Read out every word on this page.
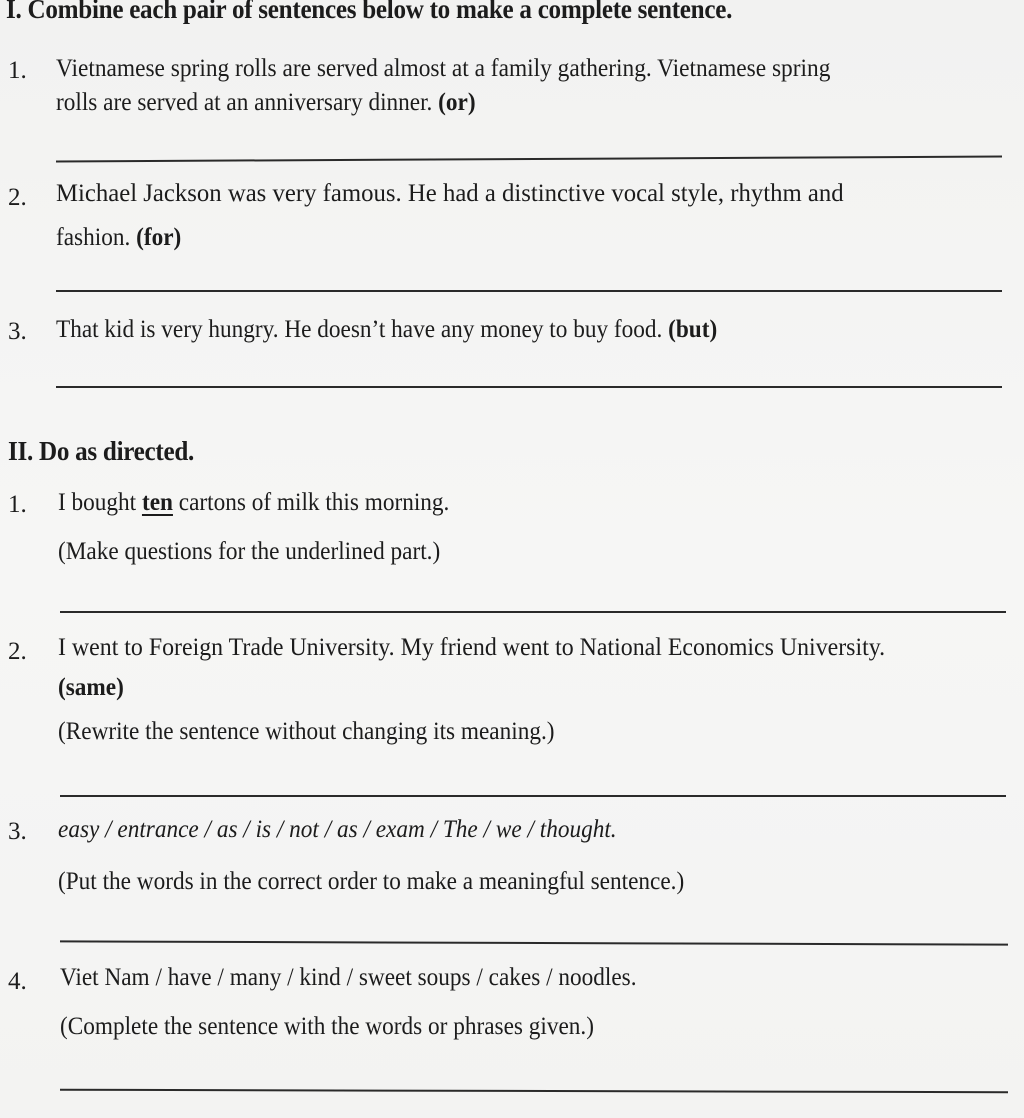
I. Combine each pair of sentences below to make a complete sentence.
1. Vietnamese spring rolls are served almost at a family gathering. Vietnamese spring
rolls are served at an anniversary dinner. (or)
2. Michael Jackson was very famous. He had a distinctive vocal style, rhythm and
fashion. (for)
3. That kid is very hungry. He doesn’t have any money to buy food. (but)
II. Do as directed.
1. I bought ten cartons of milk this morning.
(Make questions for the underlined part.)
2. I went to Foreign Trade University. My friend went to National Economics University.
(same)
(Rewrite the sentence without changing its meaning.)
3. easy / entrance / as / is / not / as / exam / The / we / thought.
(Put the words in the correct order to make a meaningful sentence.)
4. Viet Nam / have / many / kind / sweet soups / cakes / noodles.
(Complete the sentence with the words or phrases given.)
